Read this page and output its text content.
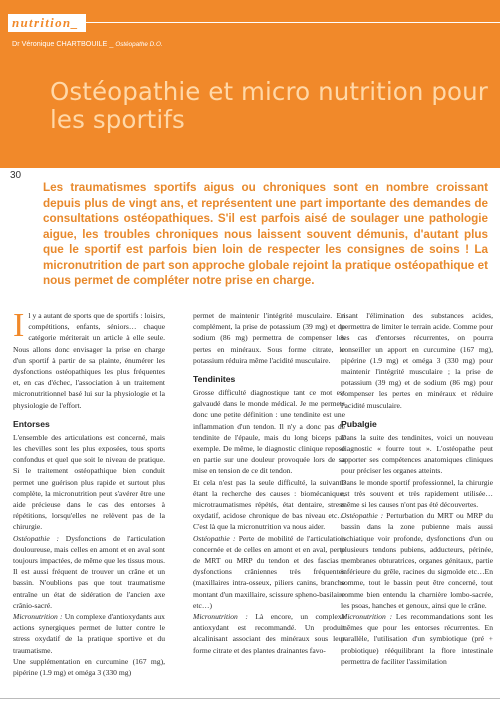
nutrition_
Dr Véronique CHARTBOUILE _ Ostéopathe D.O.
Ostéopathie et micro nutrition pour les sportifs
30

Les traumatismes sportifs aigus ou chroniques sont en nombre croissant depuis plus de vingt ans, et représentent une part importante des demandes de consultations ostéopathiques. S'il est parfois aisé de soulager une pathologie aigue, les troubles chroniques nous laissent souvent démunis, d'autant plus que le sportif est parfois bien loin de respecter les consignes de soins ! La micronutrition de part son approche globale rejoint la pratique ostéopathique et nous permet de compléter notre prise en charge.

Il y a autant de sports que de sportifs : loisirs, compétitions, enfants, séniors… chaque catégorie mériterait un article à elle seule. Nous allons donc envisager la prise en charge d'un sportif à partir de sa plainte, énumérer les dysfonctions ostéopathiques les plus fréquentes et, en cas d'échec, l'association à un traitement micronutritionnel basé lui sur la physiologie et la physiologie de l'effort.

Entorses

L'ensemble des articulations est concerné, mais les chevilles sont les plus exposées, tous sports confondus et quel que soit le niveau de pratique. Si le traitement ostéopathique bien conduit permet une guérison plus rapide et surtout plus complète, la micronutrition peut s'avérer être une aide précieuse dans le cas des entorses à répétitions, lorsqu'elles ne relèvent pas de la chirurgie.

Ostéopathie : Dysfonctions de l'articulation douloureuse, mais celles en amont et en aval sont toujours impactées, de même que les tissus mous. Il est aussi fréquent de trouver un crâne et un bassin. N'oublions pas que tout traumatisme entraîne un état de sidération de l'ancien axe crânio-sacré.

Micronutrition : Un complexe d'antioxydants aux actions synergiques permet de lutter contre le stress oxydatif de la pratique sportive et du traumatisme.

Une supplémentation en curcumine (167 mg), pipérine (1.9 mg) et oméga 3 (330 mg)

permet de maintenir l'intégrité musculaire. En complément, la prise de potassium (39 mg) et de sodium (86 mg) permettra de compenser les pertes en minéraux. Sous forme citrate, le potassium réduira même l'acidité musculaire.

Tendinites

Grosse difficulté diagnostique tant ce mot est galvaudé dans le monde médical. Je me permets donc une petite définition : une tendinite est une inflammation d'un tendon. Il n'y a donc pas de tendinite de l'épaule, mais du long biceps par exemple. De même, le diagnostic clinique repose en partie sur une douleur provoquée lors de sa mise en tension de ce dit tendon.

Et cela n'est pas la seule difficulté, la suivante étant la recherche des causes : biomécanique, microtraumatismes répétés, état dentaire, stress oxydatif, acidose chronique de bas niveau etc… C'est là que la micronutrition va nous aider.

Ostéopathie : Perte de mobilité de l'articulation concernée et de celles en amont et en aval, perte de MRT ou MRP du tendon et des fascias ; dysfonctions crâniennes très fréquentes (maxillaires intra-osseux, piliers canins, branche montant d'un maxillaire, scissure spheno-basilaire etc…)

Micronutrition : Là encore, un complexe antioxydant est recommandé. Un produit alcalinisant associant des minéraux sous leur forme citrate et des plantes drainantes favo-

risant l'élimination des substances acides, permettra de limiter le terrain acide. Comme pour les cas d'entorses récurrentes, on pourra conseiller un apport en curcumine (167 mg), pipérine (1.9 mg) et oméga 3 (330 mg) pour maintenir l'intégrité musculaire ; la prise de potassium (39 mg) et de sodium (86 mg) pour compenser les pertes en minéraux et réduire l'acidité musculaire.

Pubalgie

Dans la suite des tendinites, voici un nouveau diagnostic « fourre tout ». L'ostéopathe peut apporter ses compétences anatomiques cliniques pour préciser les organes atteints.

Dans le monde sportif professionnel, la chirurgie est très souvent et très rapidement utilisée…même si les causes n'ont pas été découvertes.

Ostéopathie : Perturbation du MRT ou MRP du bassin dans la zone pubienne mais aussi ischiatique voir profonde, dysfonctions d'un ou plusieurs tendons pubiens, adducteurs, périnée, membranes obturatrices, organes génitaux, partie inférieure du grêle, racines du sigmoïde etc…En somme, tout le bassin peut être concerné, tout comme bien entendu la charnière lombo-sacrée, les psoas, hanches et genoux, ainsi que le crâne.

Micronutrition : Les recommandations sont les mêmes que pour les entorses récurrentes. En parallèle, l'utilisation d'un symbiotique (pré + probiotique) rééquilibrant la flore intestinale permettra de faciliter l'assimilation
